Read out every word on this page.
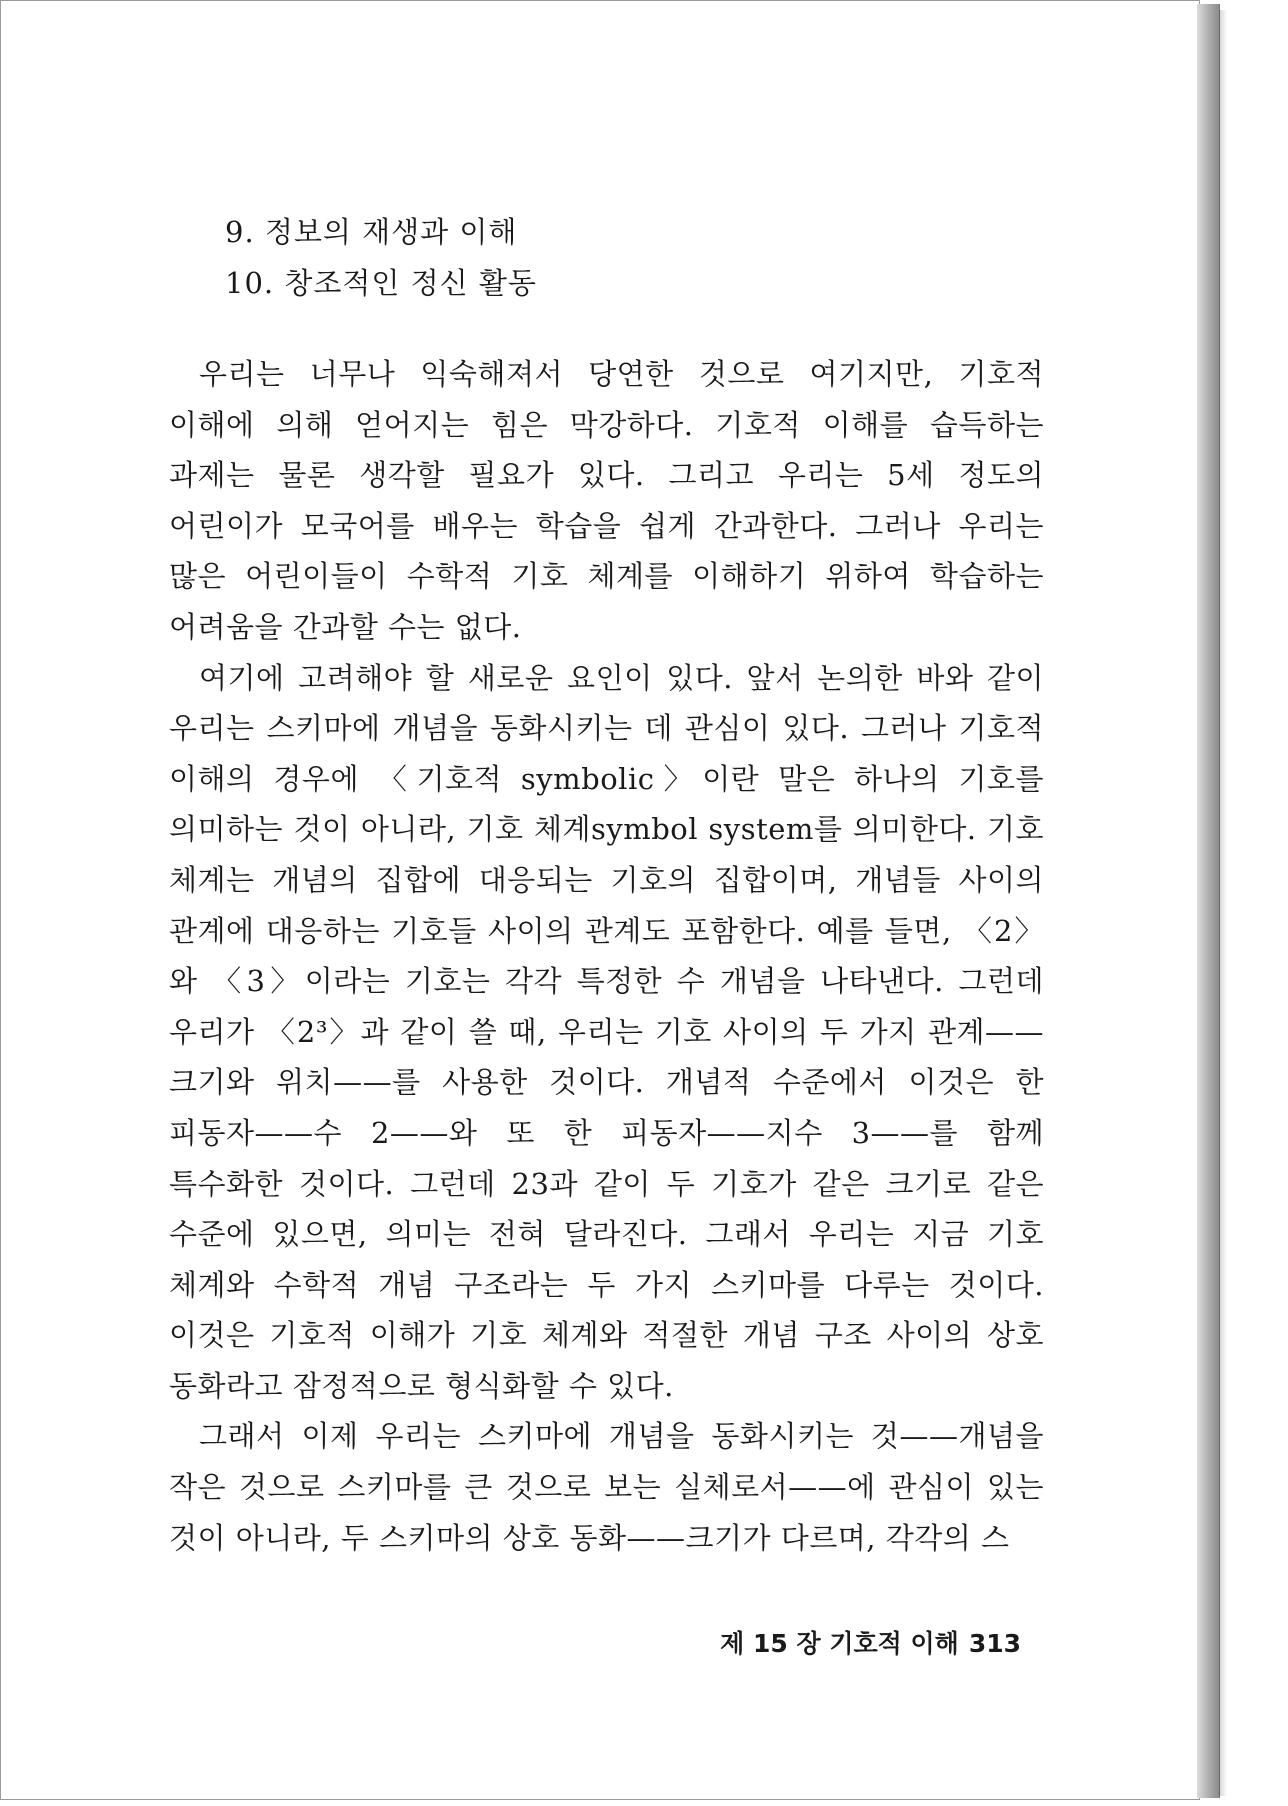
9. 정보의 재생과 이해
10. 창조적인 정신 활동

우리는 너무나 익숙해져서 당연한 것으로 여기지만, 기호적 이해에 의해 얻어지는 힘은 막강하다. 기호적 이해를 습득하는 과제는 물론 생각할 필요가 있다. 그리고 우리는 5세 정도의 어린이가 모국어를 배우는 학습을 쉽게 간과한다. 그러나 우리는 많은 어린이들이 수학적 기호 체계를 이해하기 위하여 학습하는 어려움을 간과할 수는 없다.

여기에 고려해야 할 새로운 요인이 있다. 앞서 논의한 바와 같이 우리는 스키마에 개념을 동화시키는 데 관심이 있다. 그러나 기호적 이해의 경우에 〈기호적 symbolic〉이란 말은 하나의 기호를 의미하는 것이 아니라, 기호 체계symbol system를 의미한다. 기호 체계는 개념의 집합에 대응되는 기호의 집합이며, 개념들 사이의 관계에 대응하는 기호들 사이의 관계도 포함한다. 예를 들면, 〈2〉와 〈3〉이라는 기호는 각각 특정한 수 개념을 나타낸다. 그런데 우리가 〈2³〉과 같이 쓸 때, 우리는 기호 사이의 두 가지 관계——크기와 위치——를 사용한 것이다. 개념적 수준에서 이것은 한 피동자——수 2——와 또 한 피동자——지수 3——를 함께 특수화한 것이다. 그런데 23과 같이 두 기호가 같은 크기로 같은 수준에 있으면, 의미는 전혀 달라진다. 그래서 우리는 지금 기호 체계와 수학적 개념 구조라는 두 가지 스키마를 다루는 것이다. 이것은 기호적 이해가 기호 체계와 적절한 개념 구조 사이의 상호 동화라고 잠정적으로 형식화할 수 있다.

그래서 이제 우리는 스키마에 개념을 동화시키는 것——개념을 작은 것으로 스키마를 큰 것으로 보는 실체로서——에 관심이 있는 것이 아니라, 두 스키마의 상호 동화——크기가 다르며, 각각의 스

제 15 장 기호적 이해 313
